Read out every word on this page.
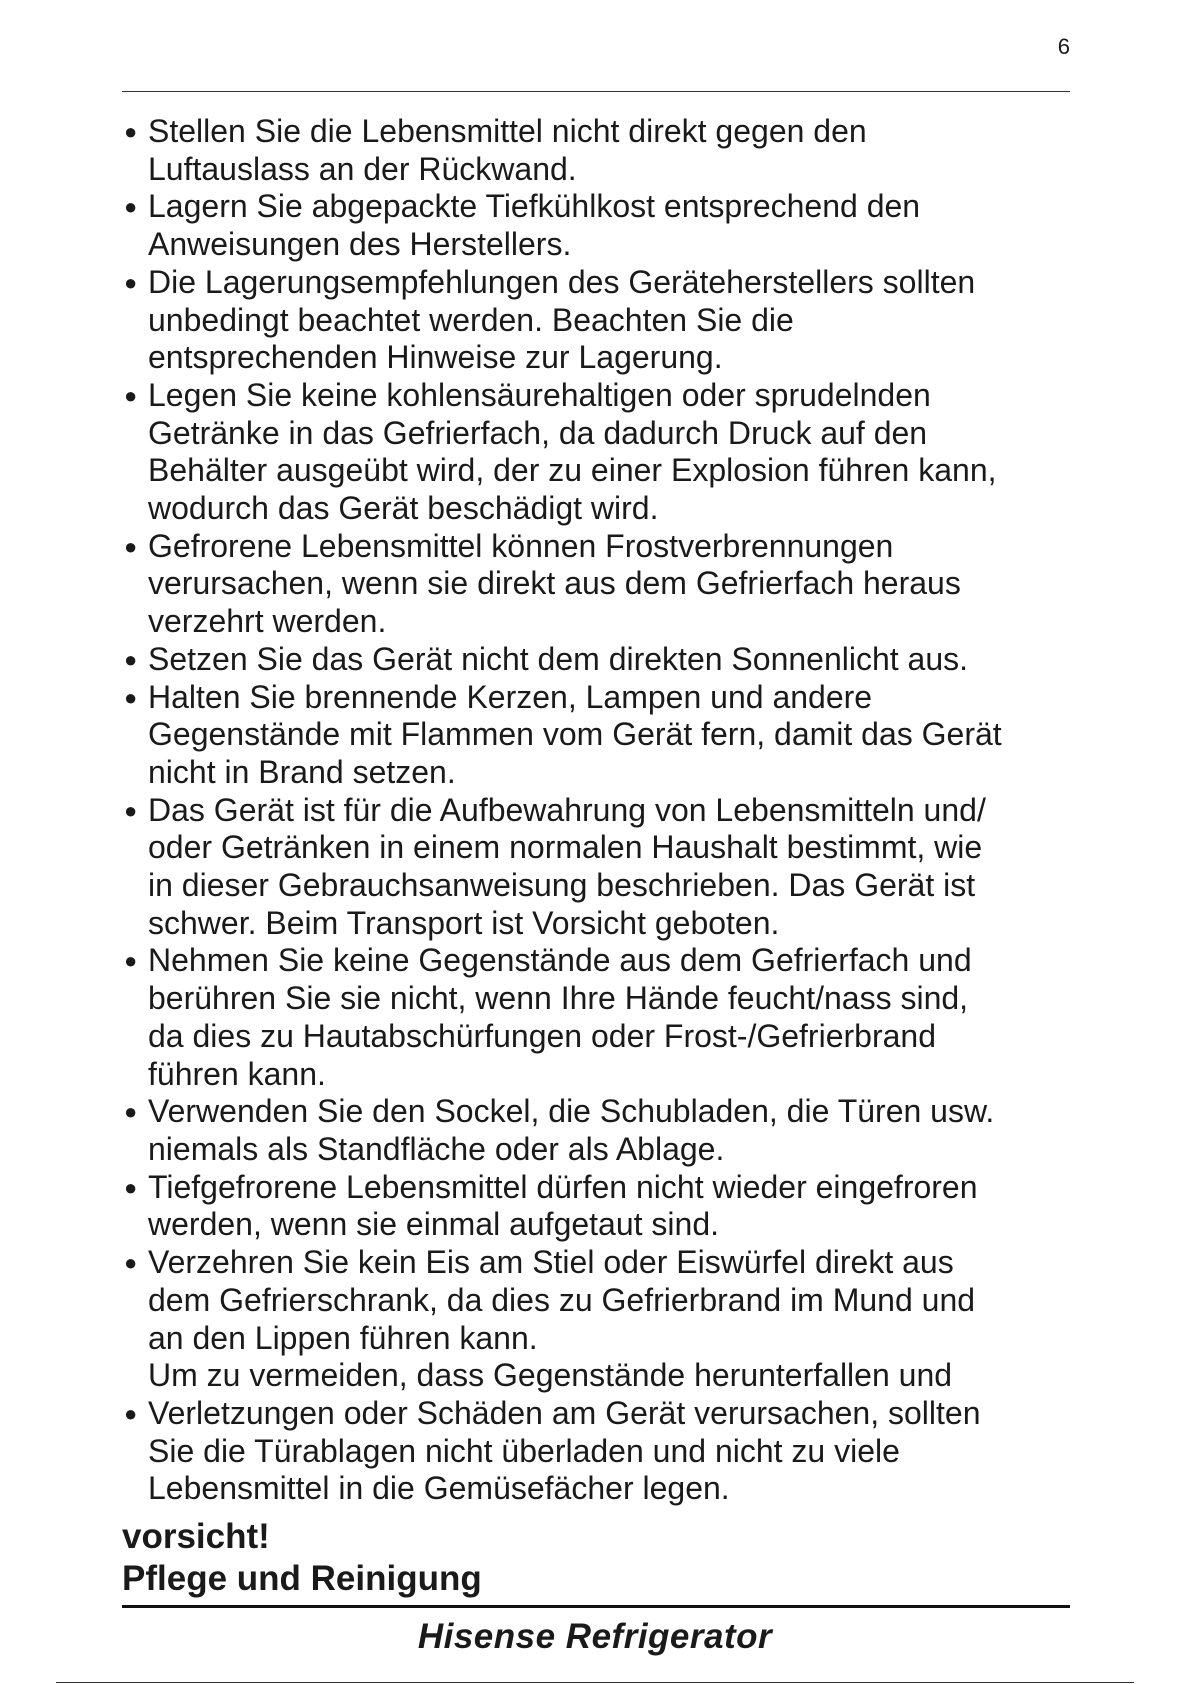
6
● Stellen Sie die Lebensmittel nicht direkt gegen den
Luftauslass an der Rückwand.
● Lagern Sie abgepackte Tiefkühlkost entsprechend den
Anweisungen des Herstellers.
● Die Lagerungsempfehlungen des Geräteherstellers sollten
unbedingt beachtet werden. Beachten Sie die
entsprechenden Hinweise zur Lagerung.
● Legen Sie keine kohlensäurehaltigen oder sprudelnden
Getränke in das Gefrierfach, da dadurch Druck auf den
Behälter ausgeübt wird, der zu einer Explosion führen kann,
wodurch das Gerät beschädigt wird.
● Gefrorene Lebensmittel können Frostverbrennungen
verursachen, wenn sie direkt aus dem Gefrierfach heraus
verzehrt werden.
● Setzen Sie das Gerät nicht dem direkten Sonnenlicht aus.
● Halten Sie brennende Kerzen, Lampen und andere
Gegenstände mit Flammen vom Gerät fern, damit das Gerät
nicht in Brand setzen.
● Das Gerät ist für die Aufbewahrung von Lebensmitteln und/
oder Getränken in einem normalen Haushalt bestimmt, wie
in dieser Gebrauchsanweisung beschrieben. Das Gerät ist
schwer. Beim Transport ist Vorsicht geboten.
● Nehmen Sie keine Gegenstände aus dem Gefrierfach und
berühren Sie sie nicht, wenn Ihre Hände feucht/nass sind,
da dies zu Hautabschürfungen oder Frost-/Gefrierbrand
führen kann.
● Verwenden Sie den Sockel, die Schubladen, die Türen usw.
niemals als Standfläche oder als Ablage.
● Tiefgefrorene Lebensmittel dürfen nicht wieder eingefroren
werden, wenn sie einmal aufgetaut sind.
● Verzehren Sie kein Eis am Stiel oder Eiswürfel direkt aus
dem Gefrierschrank, da dies zu Gefrierbrand im Mund und
an den Lippen führen kann.
Um zu vermeiden, dass Gegenstände herunterfallen und
● Verletzungen oder Schäden am Gerät verursachen, sollten
Sie die Türablagen nicht überladen und nicht zu viele
Lebensmittel in die Gemüsefächer legen.
vorsicht!
Pflege und Reinigung
Hisense Refrigerator
